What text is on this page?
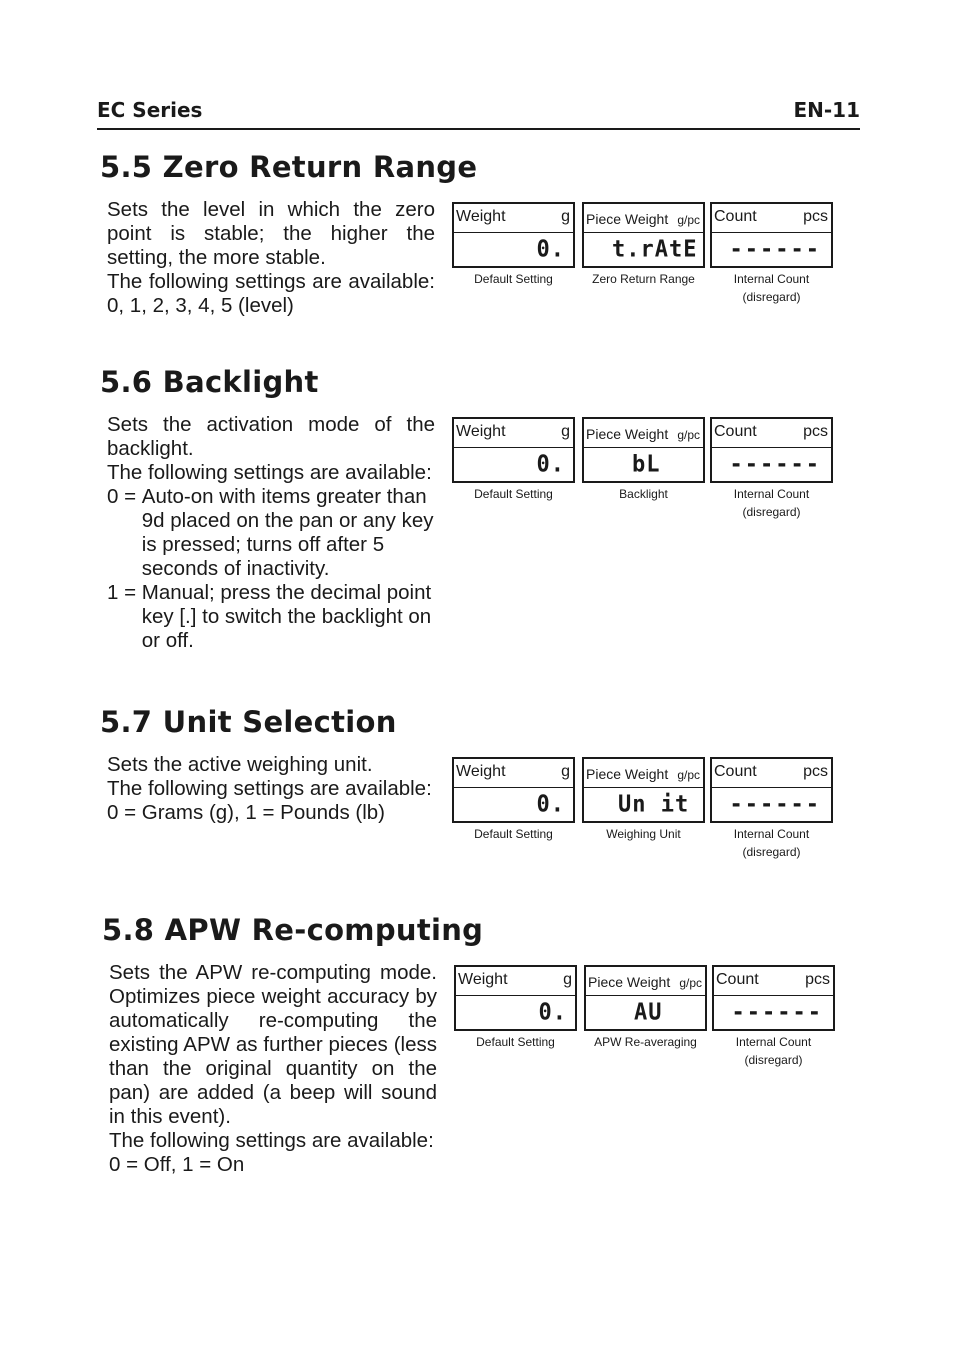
EC Series	EN-11
5.5 Zero Return Range

Sets the level in which the zero point is stable; the higher the setting, the more stable.

The following settings are available: 0, 1, 2, 3, 4, 5 (level)

Weight	g
0.
Default Setting
Piece Weight g/pc
t.rAtE
Zero Return Range
Count	pcs
------
Internal Count
(disregard)
5.6 Backlight

Sets the activation mode of the backlight.

The following settings are available:

0 = Auto-on with items greater than 9d placed on the pan or any key is pressed; turns off after 5 seconds of inactivity.
1 = Manual; press the decimal point key [.] to switch the backlight on or off.
Weight	g
0.
Default Setting
Piece Weight g/pc
bL
Backlight
Count	pcs
------
Internal Count
(disregard)
5.7 Unit Selection

Sets the active weighing unit.

The following settings are available:

0 = Grams (g), 1 = Pounds (lb)

Weight	g
0.
Default Setting
Piece Weight g/pc
Un it
Weighing Unit
Count	pcs
------
Internal Count
(disregard)
5.8 APW Re-computing

Sets the APW re-computing mode. Optimizes piece weight accuracy by automatically re-computing the existing APW as further pieces (less than the original quantity on the pan) are added (a beep will sound in this event).

The following settings are available:

0 = Off, 1 = On

Weight	g
0.
Default Setting
Piece Weight g/pc
AU
APW Re-averaging
Count	pcs
------
Internal Count
(disregard)
